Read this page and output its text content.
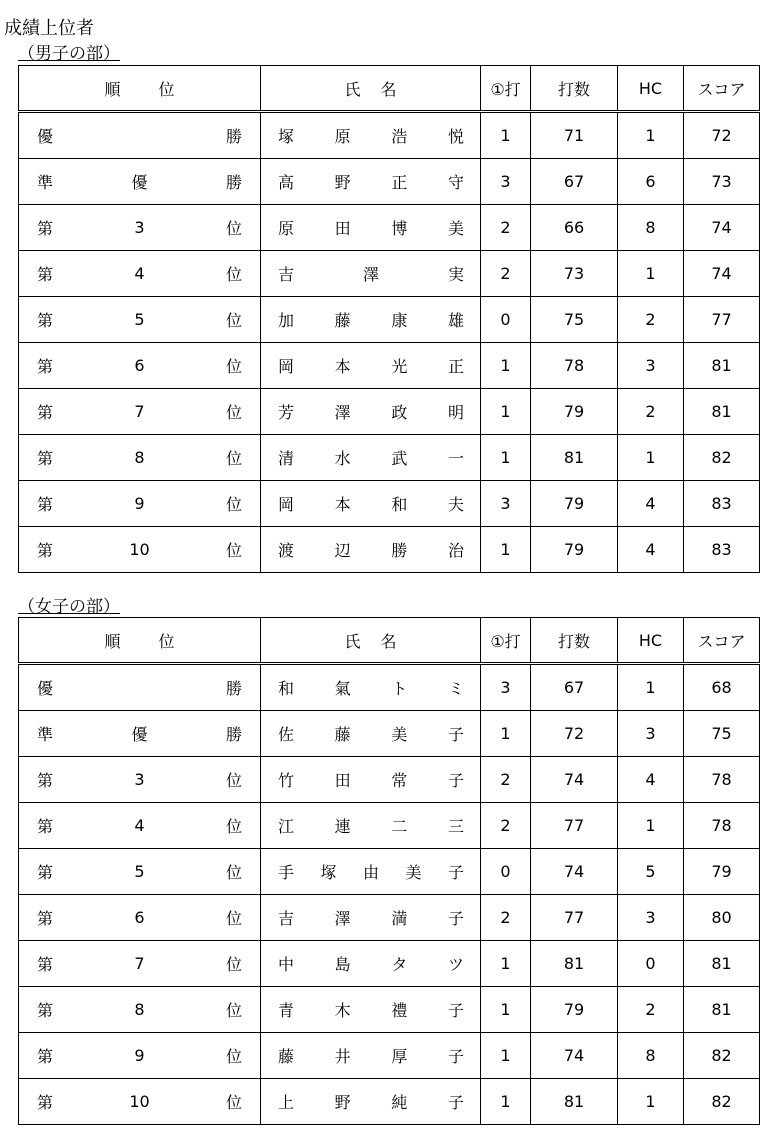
成績上位者
（男子の部）
順 位	氏 名	①打	打数	HC	スコア

優 勝	塚 原 浩 悦	1	71	1	72

準 優 勝	高 野 正 守	3	67	6	73

第 3 位	原 田 博 美	2	66	8	74

第 4 位	吉 澤 実	2	73	1	74

第 5 位	加 藤 康 雄	0	75	2	77

第 6 位	岡 本 光 正	1	78	3	81

第 7 位	芳 澤 政 明	1	79	2	81

第 8 位	清 水 武 一	1	81	1	82

第 9 位	岡 本 和 夫	3	79	4	83

第 10 位	渡 辺 勝 治	1	79	4	83
（女子の部）
順 位	氏 名	①打	打数	HC	スコア

優 勝	和 氣 ト ミ	3	67	1	68

準 優 勝	佐 藤 美 子	1	72	3	75

第 3 位	竹 田 常 子	2	74	4	78

第 4 位	江 連 二 三	2	77	1	78

第 5 位	手 塚 由 美 子	0	74	5	79

第 6 位	吉 澤 満 子	2	77	3	80

第 7 位	中 島 タ ツ	1	81	0	81

第 8 位	青 木 禮 子	1	79	2	81

第 9 位	藤 井 厚 子	1	74	8	82

第 10 位	上 野 純 子	1	81	1	82
